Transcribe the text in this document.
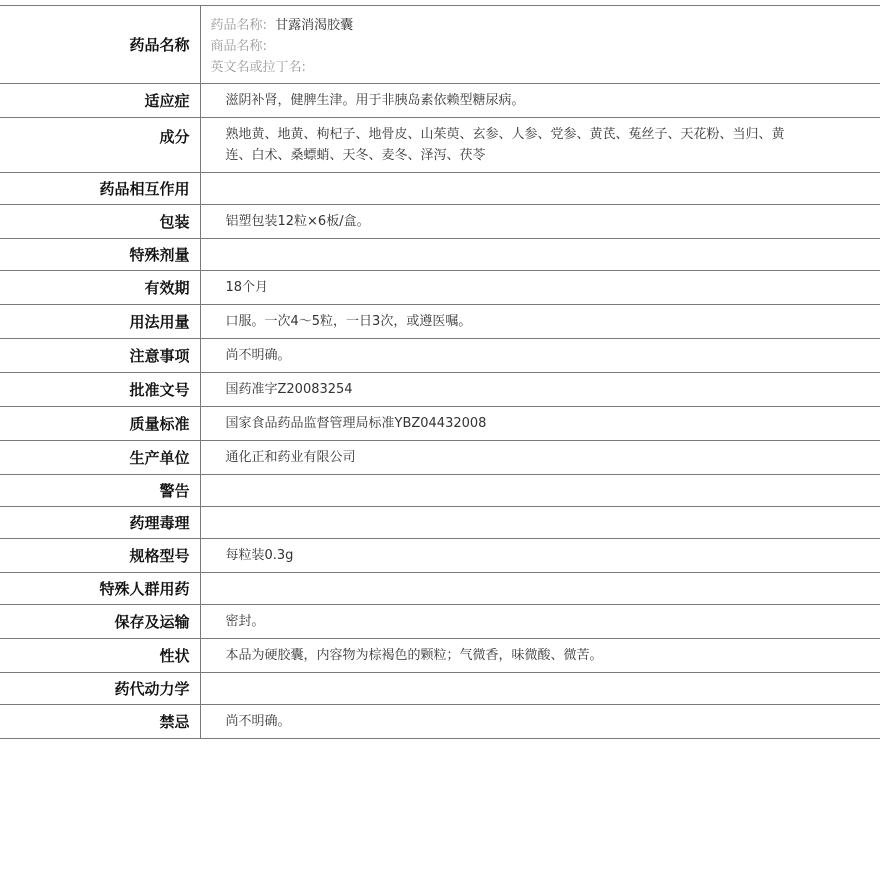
药品名称	药品名称: 甘露消渴胶囊
商品名称:
英文名或拉丁名:

适应症	滋阴补肾，健脾生津。用于非胰岛素依赖型糖尿病。
成分	熟地黄、地黄、枸杞子、地骨皮、山茱萸、玄参、人参、党参、黄芪、菟丝子、天花粉、当归、黄连、白术、桑螵蛸、天冬、麦冬、泽泻、茯苓

药品相互作用	
包装	铝塑包装12粒×6板/盒。
特殊剂量	
有效期	18个月
用法用量	口服。一次4～5粒，一日3次，或遵医嘱。
注意事项	尚不明确。
批准文号	国药准字Z20083254
质量标准	国家食品药品监督管理局标准YBZ04432008
生产单位	通化正和药业有限公司
警告	
药理毒理	
规格型号	每粒装0.3g
特殊人群用药	
保存及运输	密封。
性状	本品为硬胶囊，内容物为棕褐色的颗粒；气微香，味微酸、微苦。
药代动力学	
禁忌	尚不明确。
